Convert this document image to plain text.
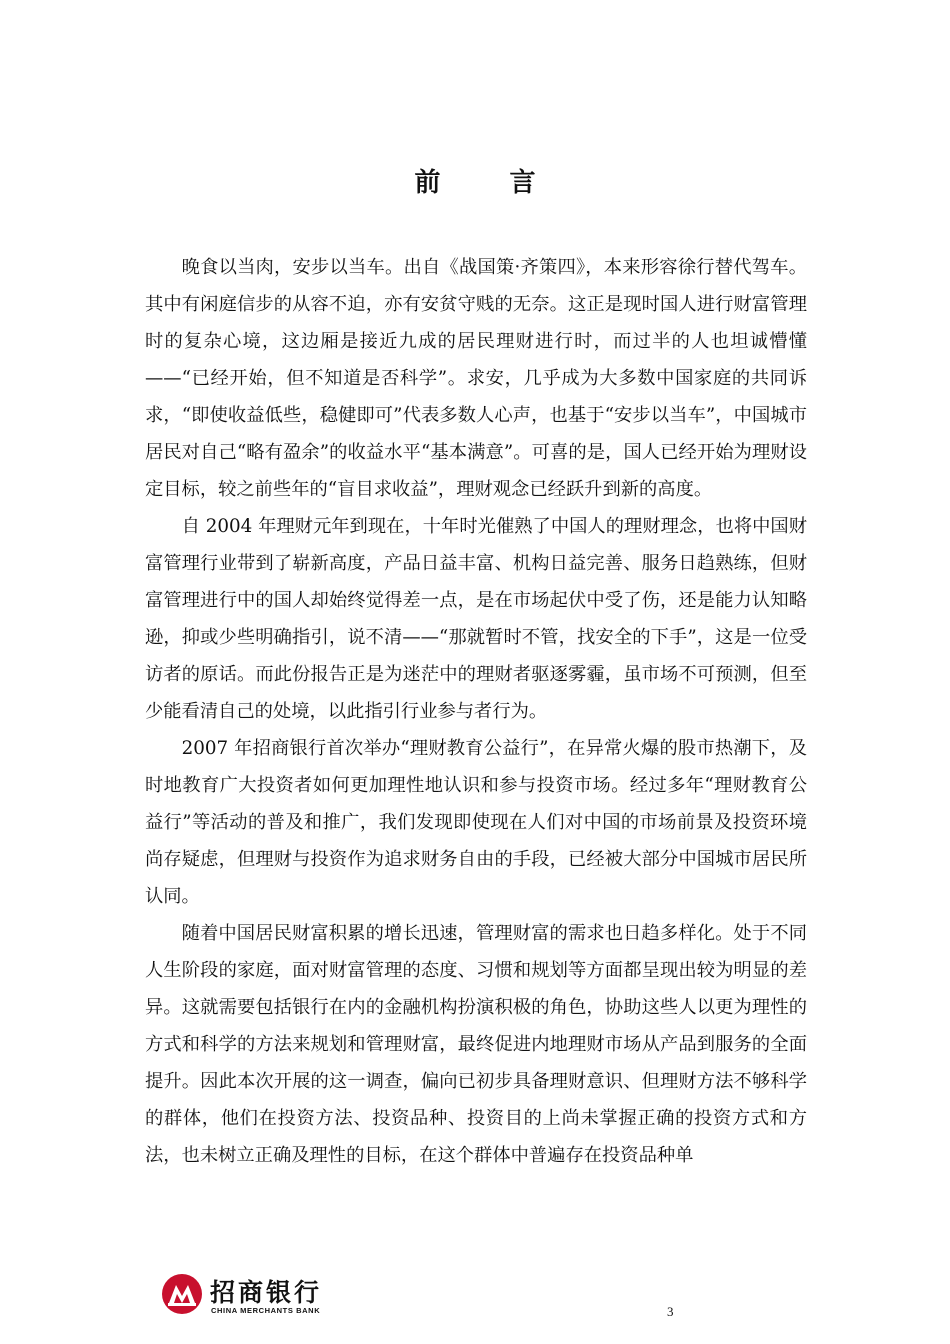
前 言

晚食以当肉，安步以当车。出自《战国策·齐策四》，本来形容徐行替代驾车。其中有闲庭信步的从容不迫，亦有安贫守贱的无奈。这正是现时国人进行财富管理时的复杂心境，这边厢是接近九成的居民理财进行时，而过半的人也坦诚懵懂——“已经开始，但不知道是否科学”。求安，几乎成为大多数中国家庭的共同诉求，“即使收益低些，稳健即可”代表多数人心声，也基于“安步以当车”，中国城市居民对自己“略有盈余”的收益水平“基本满意”。可喜的是，国人已经开始为理财设定目标，较之前些年的“盲目求收益”，理财观念已经跃升到新的高度。

自 2004 年理财元年到现在，十年时光催熟了中国人的理财理念，也将中国财富管理行业带到了崭新高度，产品日益丰富、机构日益完善、服务日趋熟练，但财富管理进行中的国人却始终觉得差一点，是在市场起伏中受了伤，还是能力认知略逊，抑或少些明确指引，说不清——“那就暂时不管，找安全的下手”，这是一位受访者的原话。而此份报告正是为迷茫中的理财者驱逐雾霾，虽市场不可预测，但至少能看清自己的处境，以此指引行业参与者行为。

2007 年招商银行首次举办“理财教育公益行”，在异常火爆的股市热潮下，及时地教育广大投资者如何更加理性地认识和参与投资市场。经过多年“理财教育公益行”等活动的普及和推广，我们发现即使现在人们对中国的市场前景及投资环境尚存疑虑，但理财与投资作为追求财务自由的手段，已经被大部分中国城市居民所认同。

随着中国居民财富积累的增长迅速，管理财富的需求也日趋多样化。处于不同人生阶段的家庭，面对财富管理的态度、习惯和规划等方面都呈现出较为明显的差异。这就需要包括银行在内的金融机构扮演积极的角色，协助这些人以更为理性的方式和科学的方法来规划和管理财富，最终促进内地理财市场从产品到服务的全面提升。因此本次开展的这一调查，偏向已初步具备理财意识、但理财方法不够科学的群体，他们在投资方法、投资品种、投资目的上尚未掌握正确的投资方式和方法，也未树立正确及理性的目标，在这个群体中普遍存在投资品种单

招商银行
CHINA MERCHANTS BANK	3
